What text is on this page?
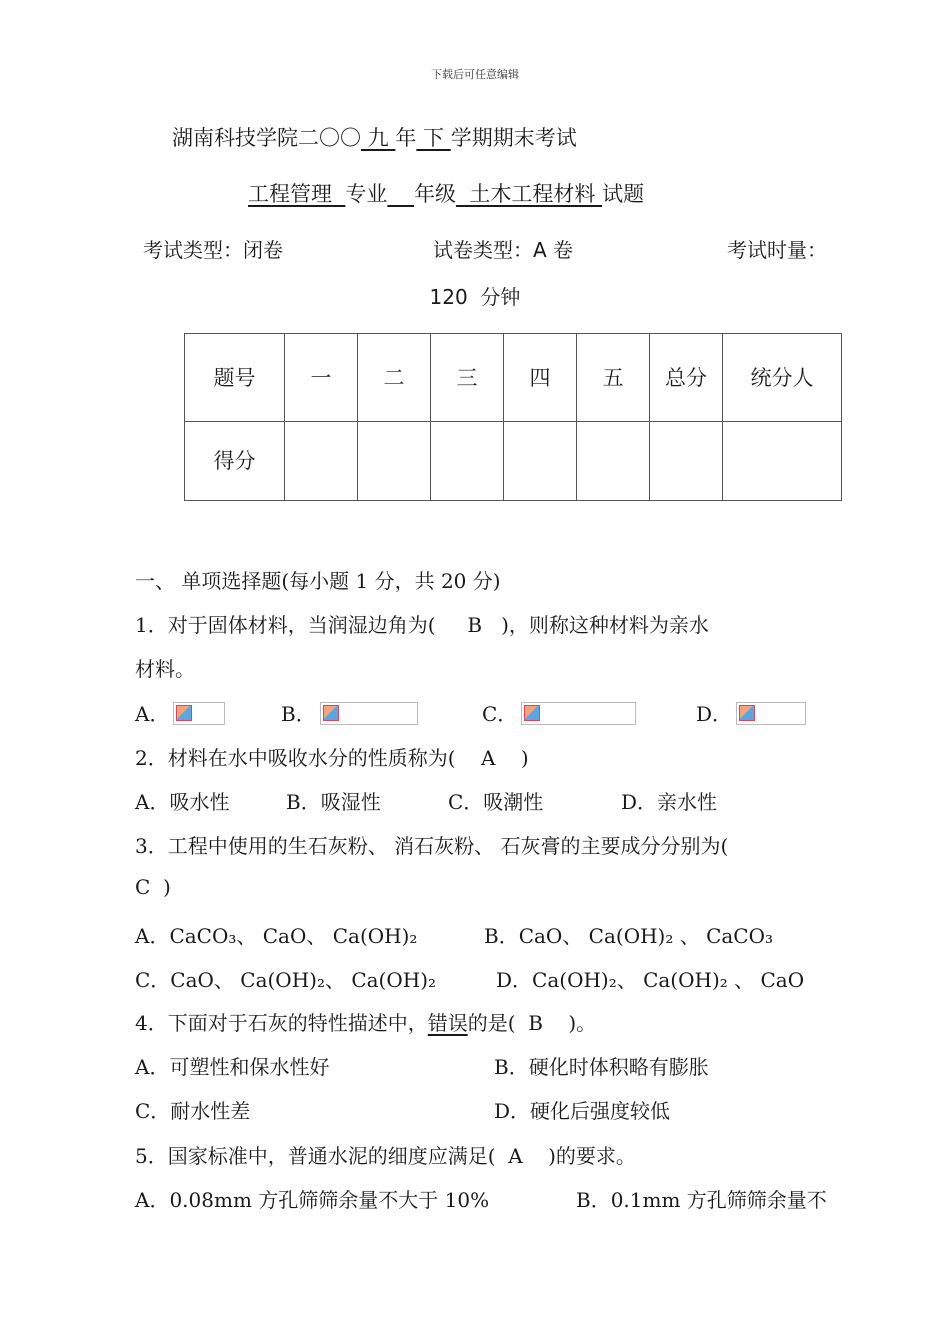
下载后可任意编辑
湖南科技学院二〇〇 九 年 下 学期期末考试
工程管理  专业 年级  土木工程材料 试题
考试类型：闭卷	试卷类型：A 卷	考试时量：
120  分钟
题号	一	二	三	四	五	总分	统分人
得分							
一、 单项选择题(每小题 1 分，共 20 分)
1．对于固体材料，当润湿边角为(     B   )，则称这种材料为亲水
材料。
A．	B．	C．	D．
2．材料在水中吸收水分的性质称为(    A    )
A．吸水性	B．吸湿性	C．吸潮性	D．亲水性
3．工程中使用的生石灰粉、 消石灰粉、 石灰膏的主要成分分别为(
C  )
A．CaCO₃、 CaO、 Ca(OH)₂	B．CaO、 Ca(OH)₂ 、 CaCO₃
C．CaO、 Ca(OH)₂、 Ca(OH)₂	D．Ca(OH)₂、 Ca(OH)₂ 、 CaO
4．下面对于石灰的特性描述中，错误的是(  B    )。
A．可塑性和保水性好	B．硬化时体积略有膨胀
C．耐水性差	D．硬化后强度较低
5．国家标准中，普通水泥的细度应满足(  A    )的要求。
A．0.08mm 方孔筛筛余量不大于 10%	B．0.1mm 方孔筛筛余量不
